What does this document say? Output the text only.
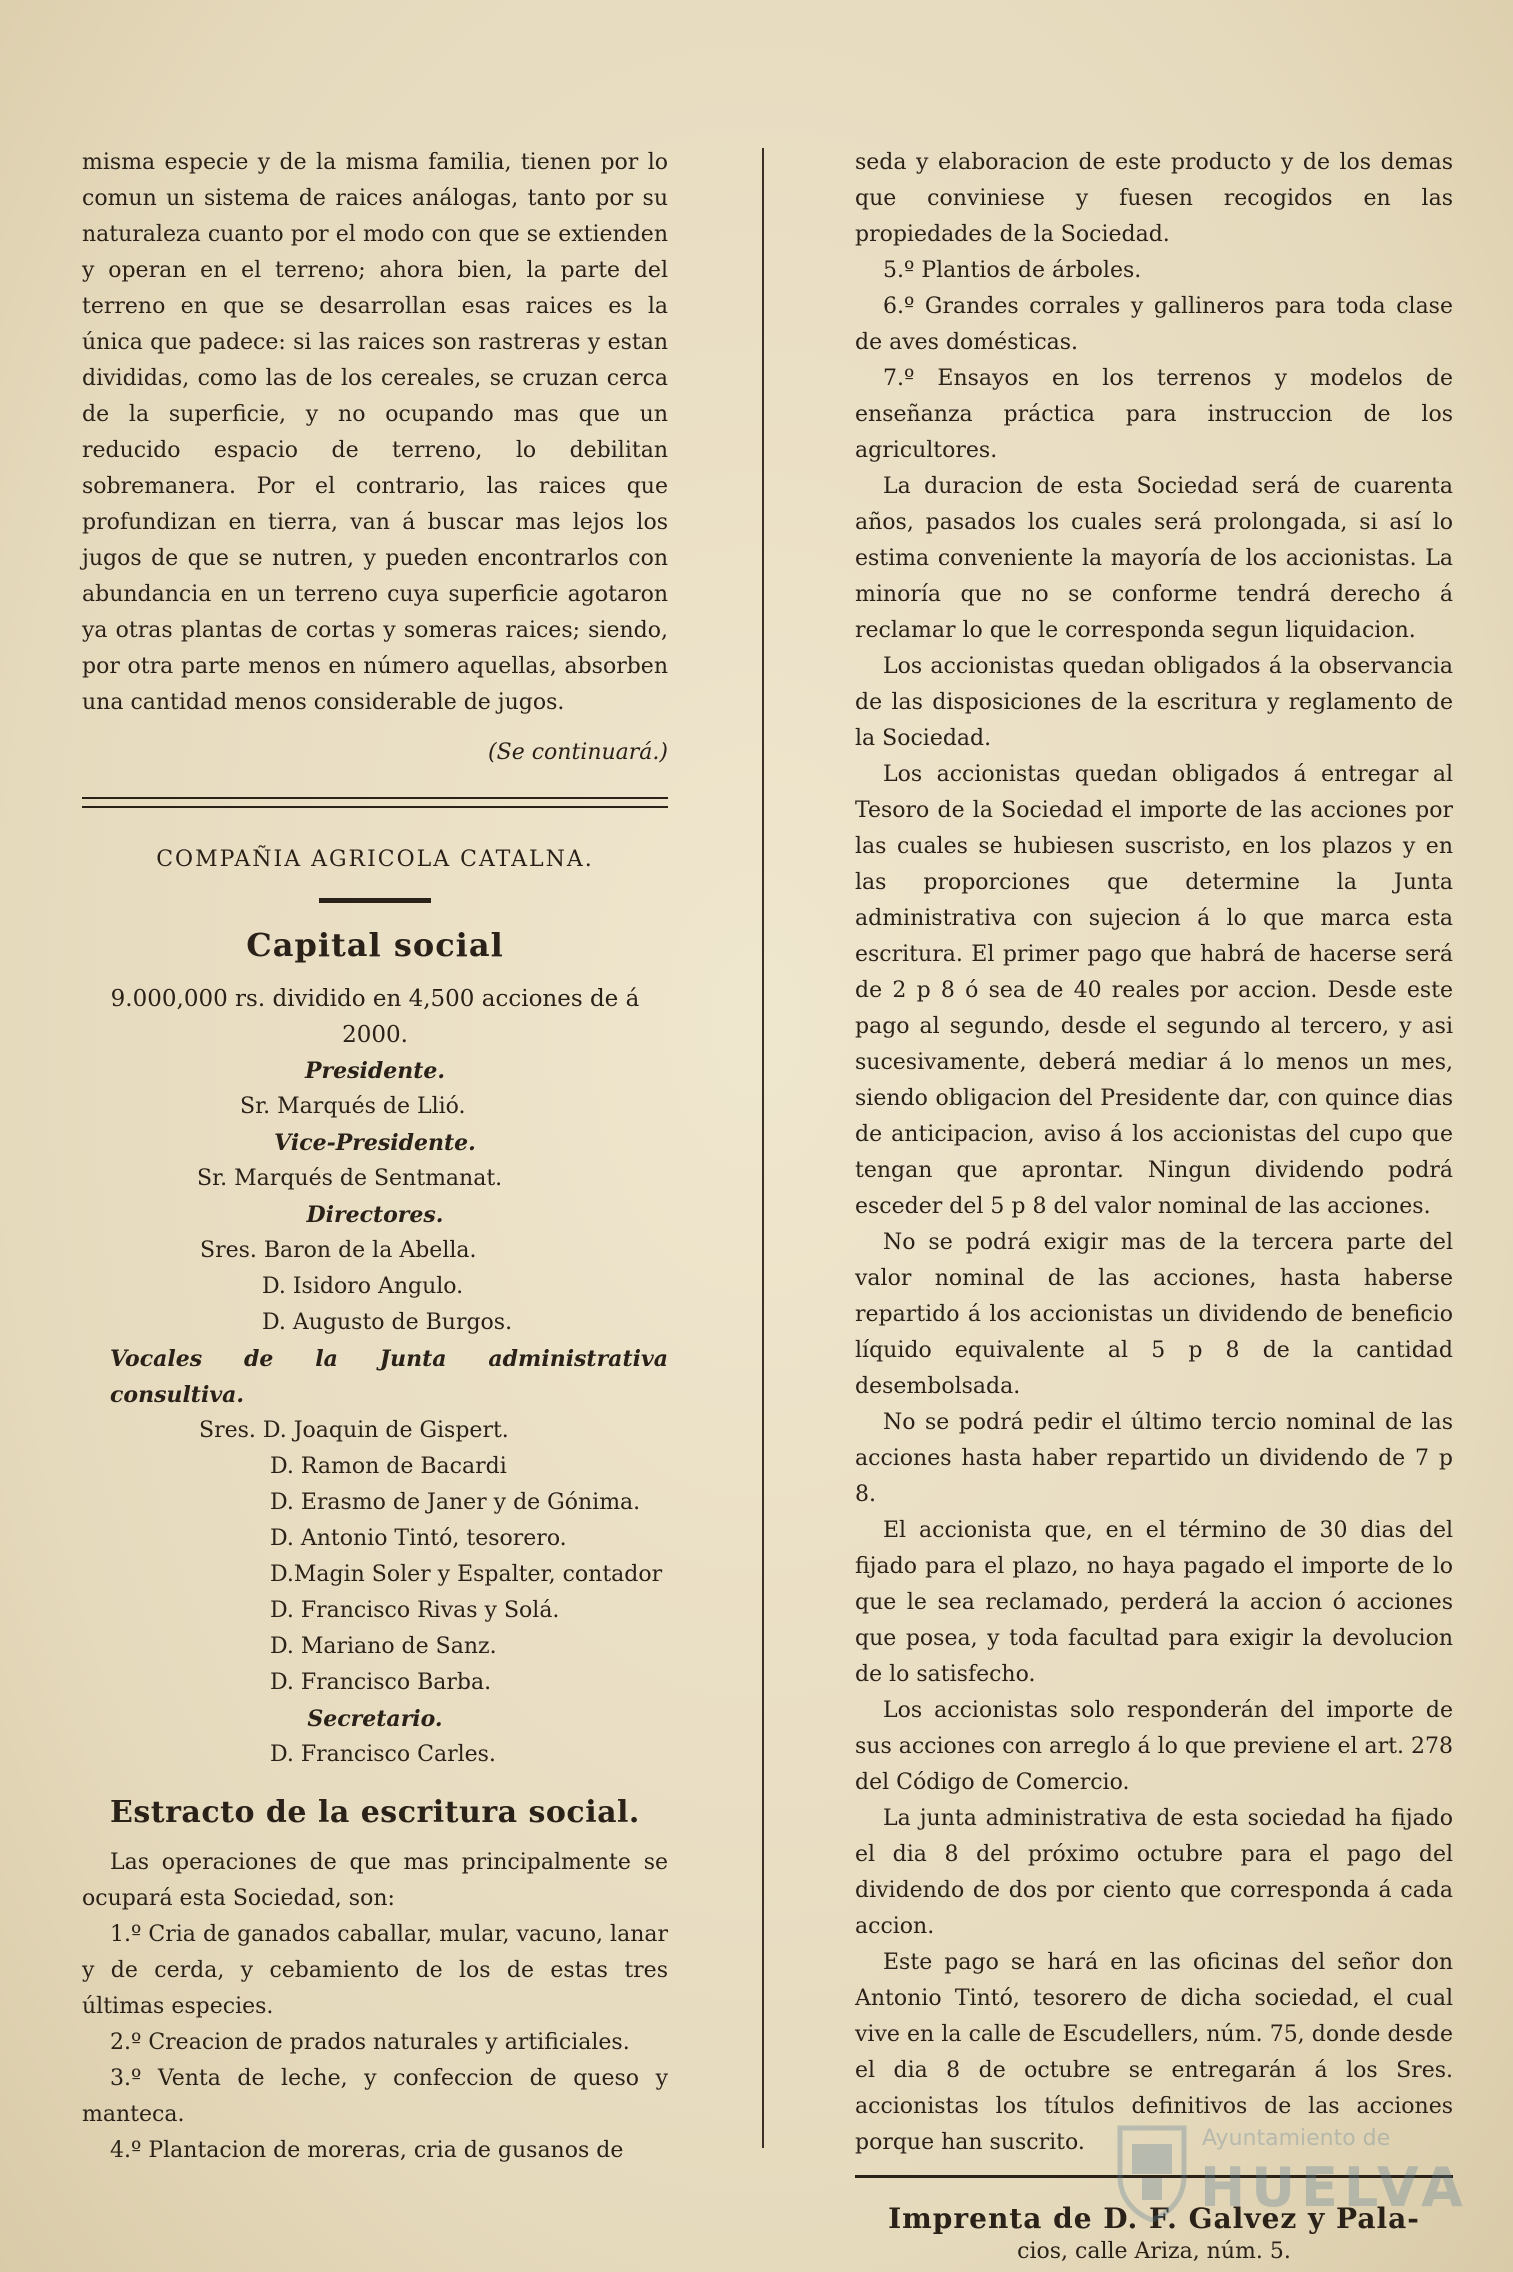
misma especie y de la misma familia, tienen por lo comun un sistema de raices análogas, tanto por su naturaleza cuanto por el modo con que se extienden y operan en el terreno; ahora bien, la parte del terreno en que se desarrollan esas raices es la única que padece: si las raices son rastreras y estan divididas, como las de los cereales, se cruzan cerca de la superficie, y no ocupando mas que un reducido espacio de terreno, lo debilitan sobremanera. Por el contrario, las raices que profundizan en tierra, van á buscar mas lejos los jugos de que se nutren, y pueden encontrarlos con abundancia en un terreno cuya superficie agotaron ya otras plantas de cortas y someras raices; siendo, por otra parte menos en número aquellas, absorben una cantidad menos considerable de jugos.

(Se continuará.)

COMPAÑIA AGRICOLA CATALNA.

Capital social

9.000,000 rs. dividido en 4,500 acciones de á 2000.

Presidente.

Sr. Marqués de Llió.

Vice-Presidente.

Sr. Marqués de Sentmanat.

Directores.

Sres. Baron de la Abella.

D. Isidoro Angulo.

D. Augusto de Burgos.

Vocales de la Junta administrativa consultiva.

Sres. D. Joaquin de Gispert.

D. Ramon de Bacardi

D. Erasmo de Janer y de Gónima.

D. Antonio Tintó, tesorero.

D.Magin Soler y Espalter, contador

D. Francisco Rivas y Solá.

D. Mariano de Sanz.

D. Francisco Barba.

Secretario.

D. Francisco Carles.

Estracto de la escritura social.

Las operaciones de que mas principalmente se ocupará esta Sociedad, son:

1.º Cria de ganados caballar, mular, vacuno, lanar y de cerda, y cebamiento de los de estas tres últimas especies.

2.º Creacion de prados naturales y artificiales.

3.º Venta de leche, y confeccion de queso y manteca.

4.º Plantacion de moreras, cria de gusanos de

seda y elaboracion de este producto y de los demas que conviniese y fuesen recogidos en las propiedades de la Sociedad.

5.º Plantios de árboles.

6.º Grandes corrales y gallineros para toda clase de aves domésticas.

7.º Ensayos en los terrenos y modelos de enseñanza práctica para instruccion de los agricultores.

La duracion de esta Sociedad será de cuarenta años, pasados los cuales será prolongada, si así lo estima conveniente la mayoría de los accionistas. La minoría que no se conforme tendrá derecho á reclamar lo que le corresponda segun liquidacion.

Los accionistas quedan obligados á la observancia de las disposiciones de la escritura y reglamento de la Sociedad.

Los accionistas quedan obligados á entregar al Tesoro de la Sociedad el importe de las acciones por las cuales se hubiesen suscristo, en los plazos y en las proporciones que determine la Junta administrativa con sujecion á lo que marca esta escritura. El primer pago que habrá de hacerse será de 2 p 8 ó sea de 40 reales por accion. Desde este pago al segundo, desde el segundo al tercero, y asi sucesivamente, deberá mediar á lo menos un mes, siendo obligacion del Presidente dar, con quince dias de anticipacion, aviso á los accionistas del cupo que tengan que aprontar. Ningun dividendo podrá esceder del 5 p 8 del valor nominal de las acciones.

No se podrá exigir mas de la tercera parte del valor nominal de las acciones, hasta haberse repartido á los accionistas un dividendo de beneficio líquido equivalente al 5 p 8 de la cantidad desembolsada.

No se podrá pedir el último tercio nominal de las acciones hasta haber repartido un dividendo de 7 p 8.

El accionista que, en el término de 30 dias del fijado para el plazo, no haya pagado el importe de lo que le sea reclamado, perderá la accion ó acciones que posea, y toda facultad para exigir la devolucion de lo satisfecho.

Los accionistas solo responderán del importe de sus acciones con arreglo á lo que previene el art. 278 del Código de Comercio.

La junta administrativa de esta sociedad ha fijado el dia 8 del próximo octubre para el pago del dividendo de dos por ciento que corresponda á cada accion.

Este pago se hará en las oficinas del señor don Antonio Tintó, tesorero de dicha sociedad, el cual vive en la calle de Escudellers, núm. 75, donde desde el dia 8 de octubre se entregarán á los Sres. accionistas los títulos definitivos de las acciones porque han suscrito.

Imprenta de D. F. Galvez y Pala-

cios, calle Ariza, núm. 5.

Ayuntamiento de
HUELVA
